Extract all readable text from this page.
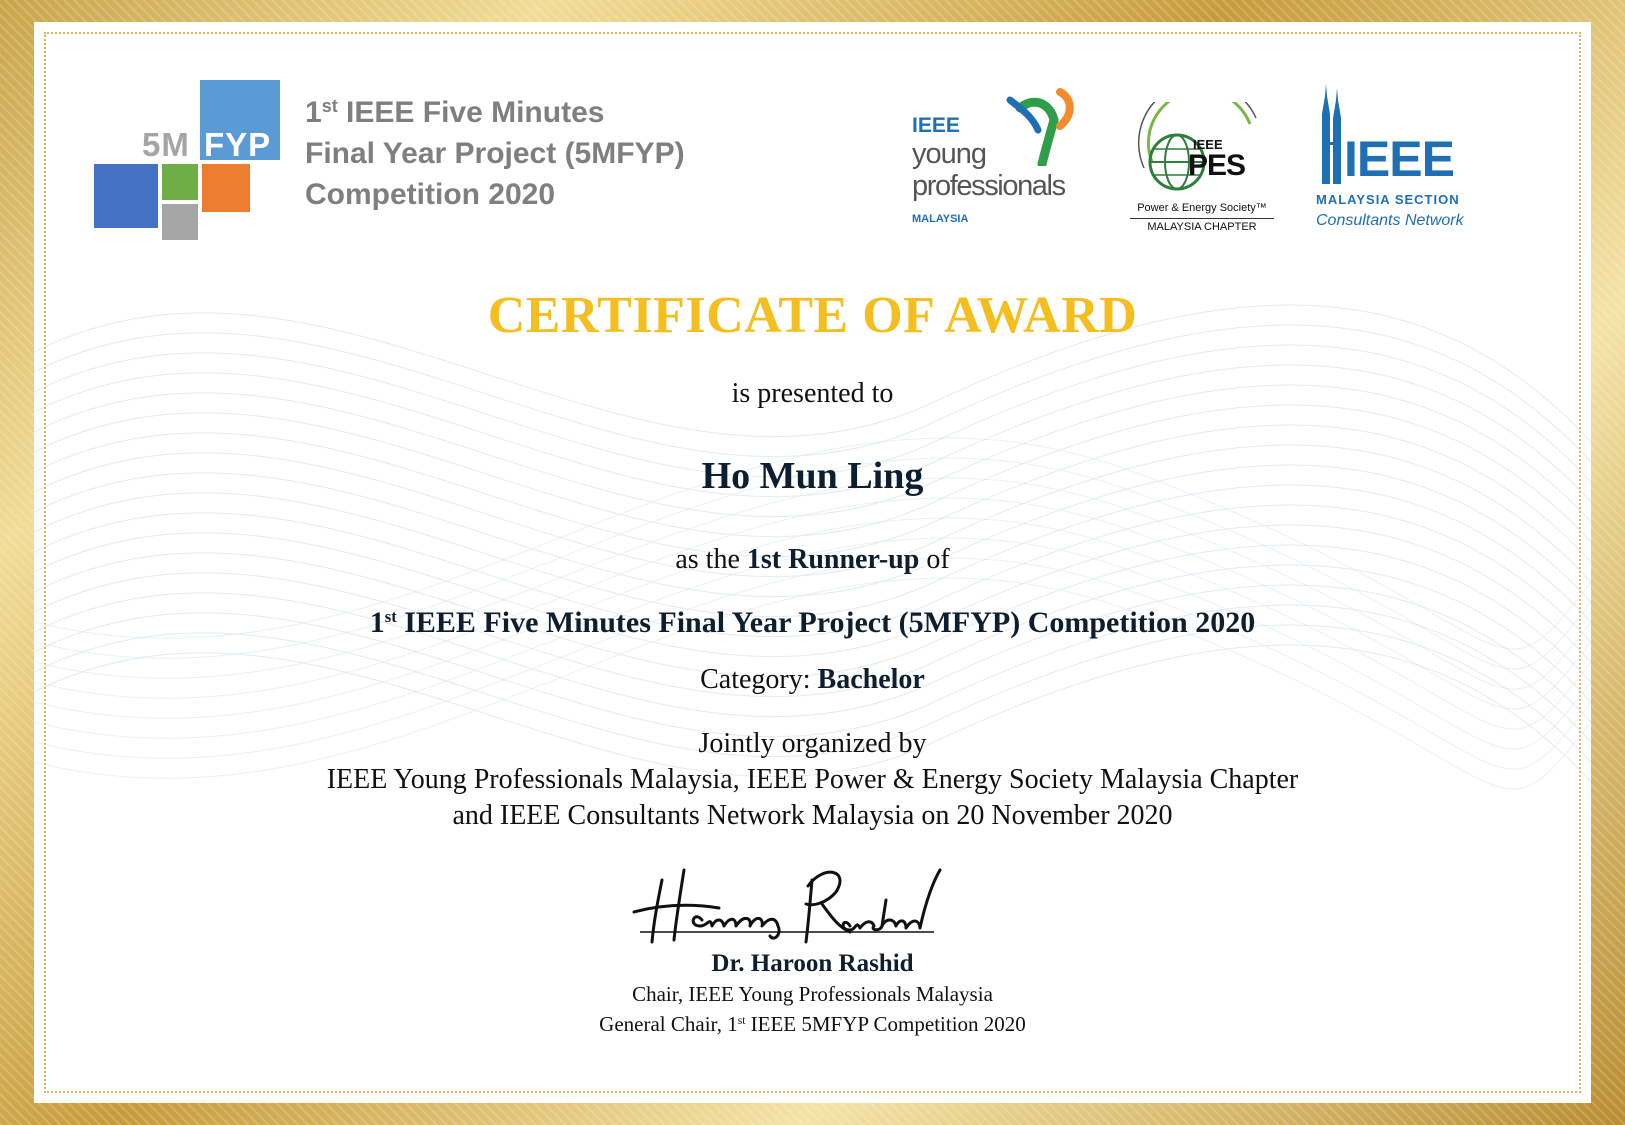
5M FYP
1st IEEE Five Minutes
Final Year Project (5MFYP)
Competition 2020
IEEE
young
professionals
MALAYSIA
IEEE
PES
Power & Energy Society™
MALAYSIA CHAPTER
IEEE
MALAYSIA SECTION
Consultants Network
CERTIFICATE OF AWARD
is presented to
Ho Mun Ling
as the 1st Runner-up of
1st IEEE Five Minutes Final Year Project (5MFYP) Competition 2020
Category: Bachelor
Jointly organized by
IEEE Young Professionals Malaysia, IEEE Power & Energy Society Malaysia Chapter
and IEEE Consultants Network Malaysia on 20 November 2020
Dr. Haroon Rashid
Chair, IEEE Young Professionals Malaysia
General Chair, 1st IEEE 5MFYP Competition 2020
